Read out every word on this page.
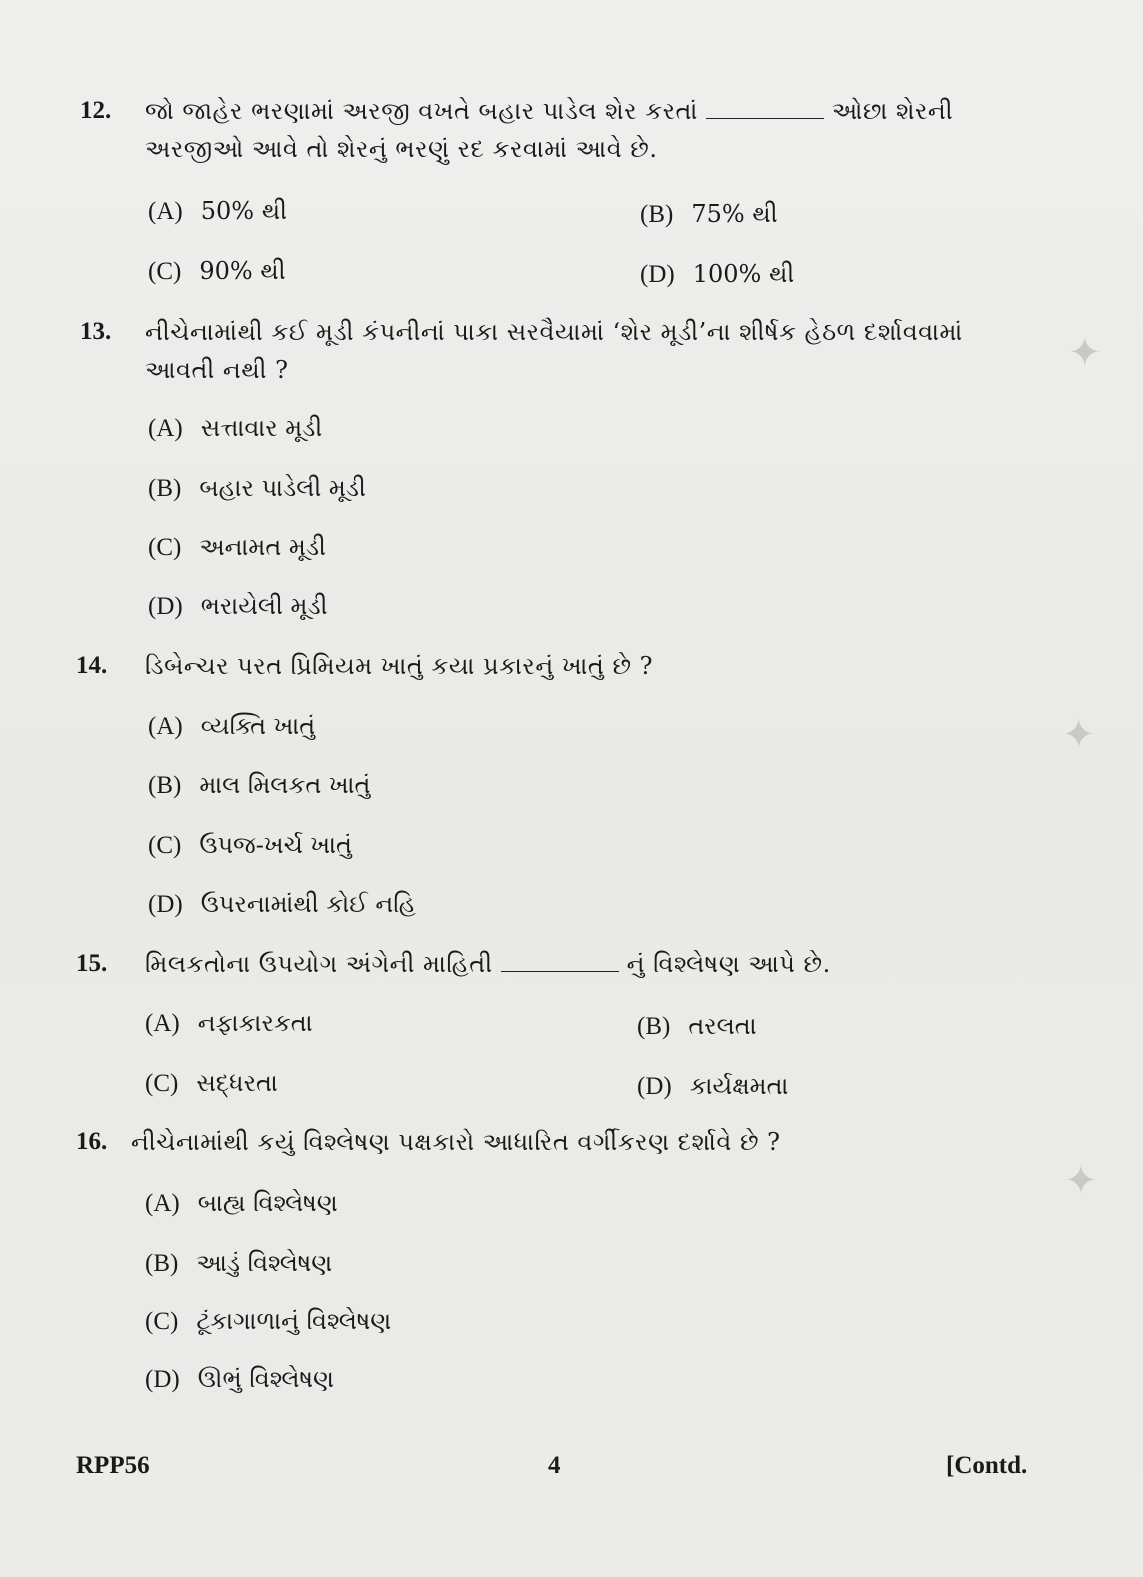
12. જો જાહેર ભરણામાં અરજી વખતે બહાર પાડેલ શેર કરતાં	ઓછા શેરની અરજીઓ આવે તો શેરનું ભરણું રદ કરવામાં આવે છે.
(A) 50% થી	(B) 75% થી
(C) 90% થી	(D) 100% થી
13. નીચેનામાંથી કઈ મૂડી કંપનીનાં પાકા સરવૈયામાં ‘શેર મૂડી’ના શીર્ષક હેઠળ દર્શાવવામાં આવતી નથી ?
(A) સત્તાવાર મૂડી
(B) બહાર પાડેલી મૂડી
(C) અનામત મૂડી
(D) ભરાયેલી મૂડી
14. ડિબેન્ચર પરત પ્રિમિયમ ખાતું કયા પ્રકારનું ખાતું છે ?
(A) વ્યક્તિ ખાતું
(B) માલ મિલકત ખાતું
(C) ઉપજ-ખર્ચ ખાતું
(D) ઉપરનામાંથી કોઈ નહિ
15. મિલકતોના ઉપયોગ અંગેની માહિતી	નું વિશ્લેષણ આપે છે.
(A) નફાકારકતા	(B) તરલતા
(C) સદ્ધરતા	(D) કાર્યક્ષમતા
16. નીચેનામાંથી કયું વિશ્લેષણ પક્ષકારો આધારિત વર્ગીકરણ દર્શાવે છે ?
(A) બાહ્ય વિશ્લેષણ
(B) આડું વિશ્લેષણ
(C) ટૂંકાગાળાનું વિશ્લેષણ
(D) ઊભું વિશ્લેષણ
RPP56	4	[Contd.
✦
✦
✦
